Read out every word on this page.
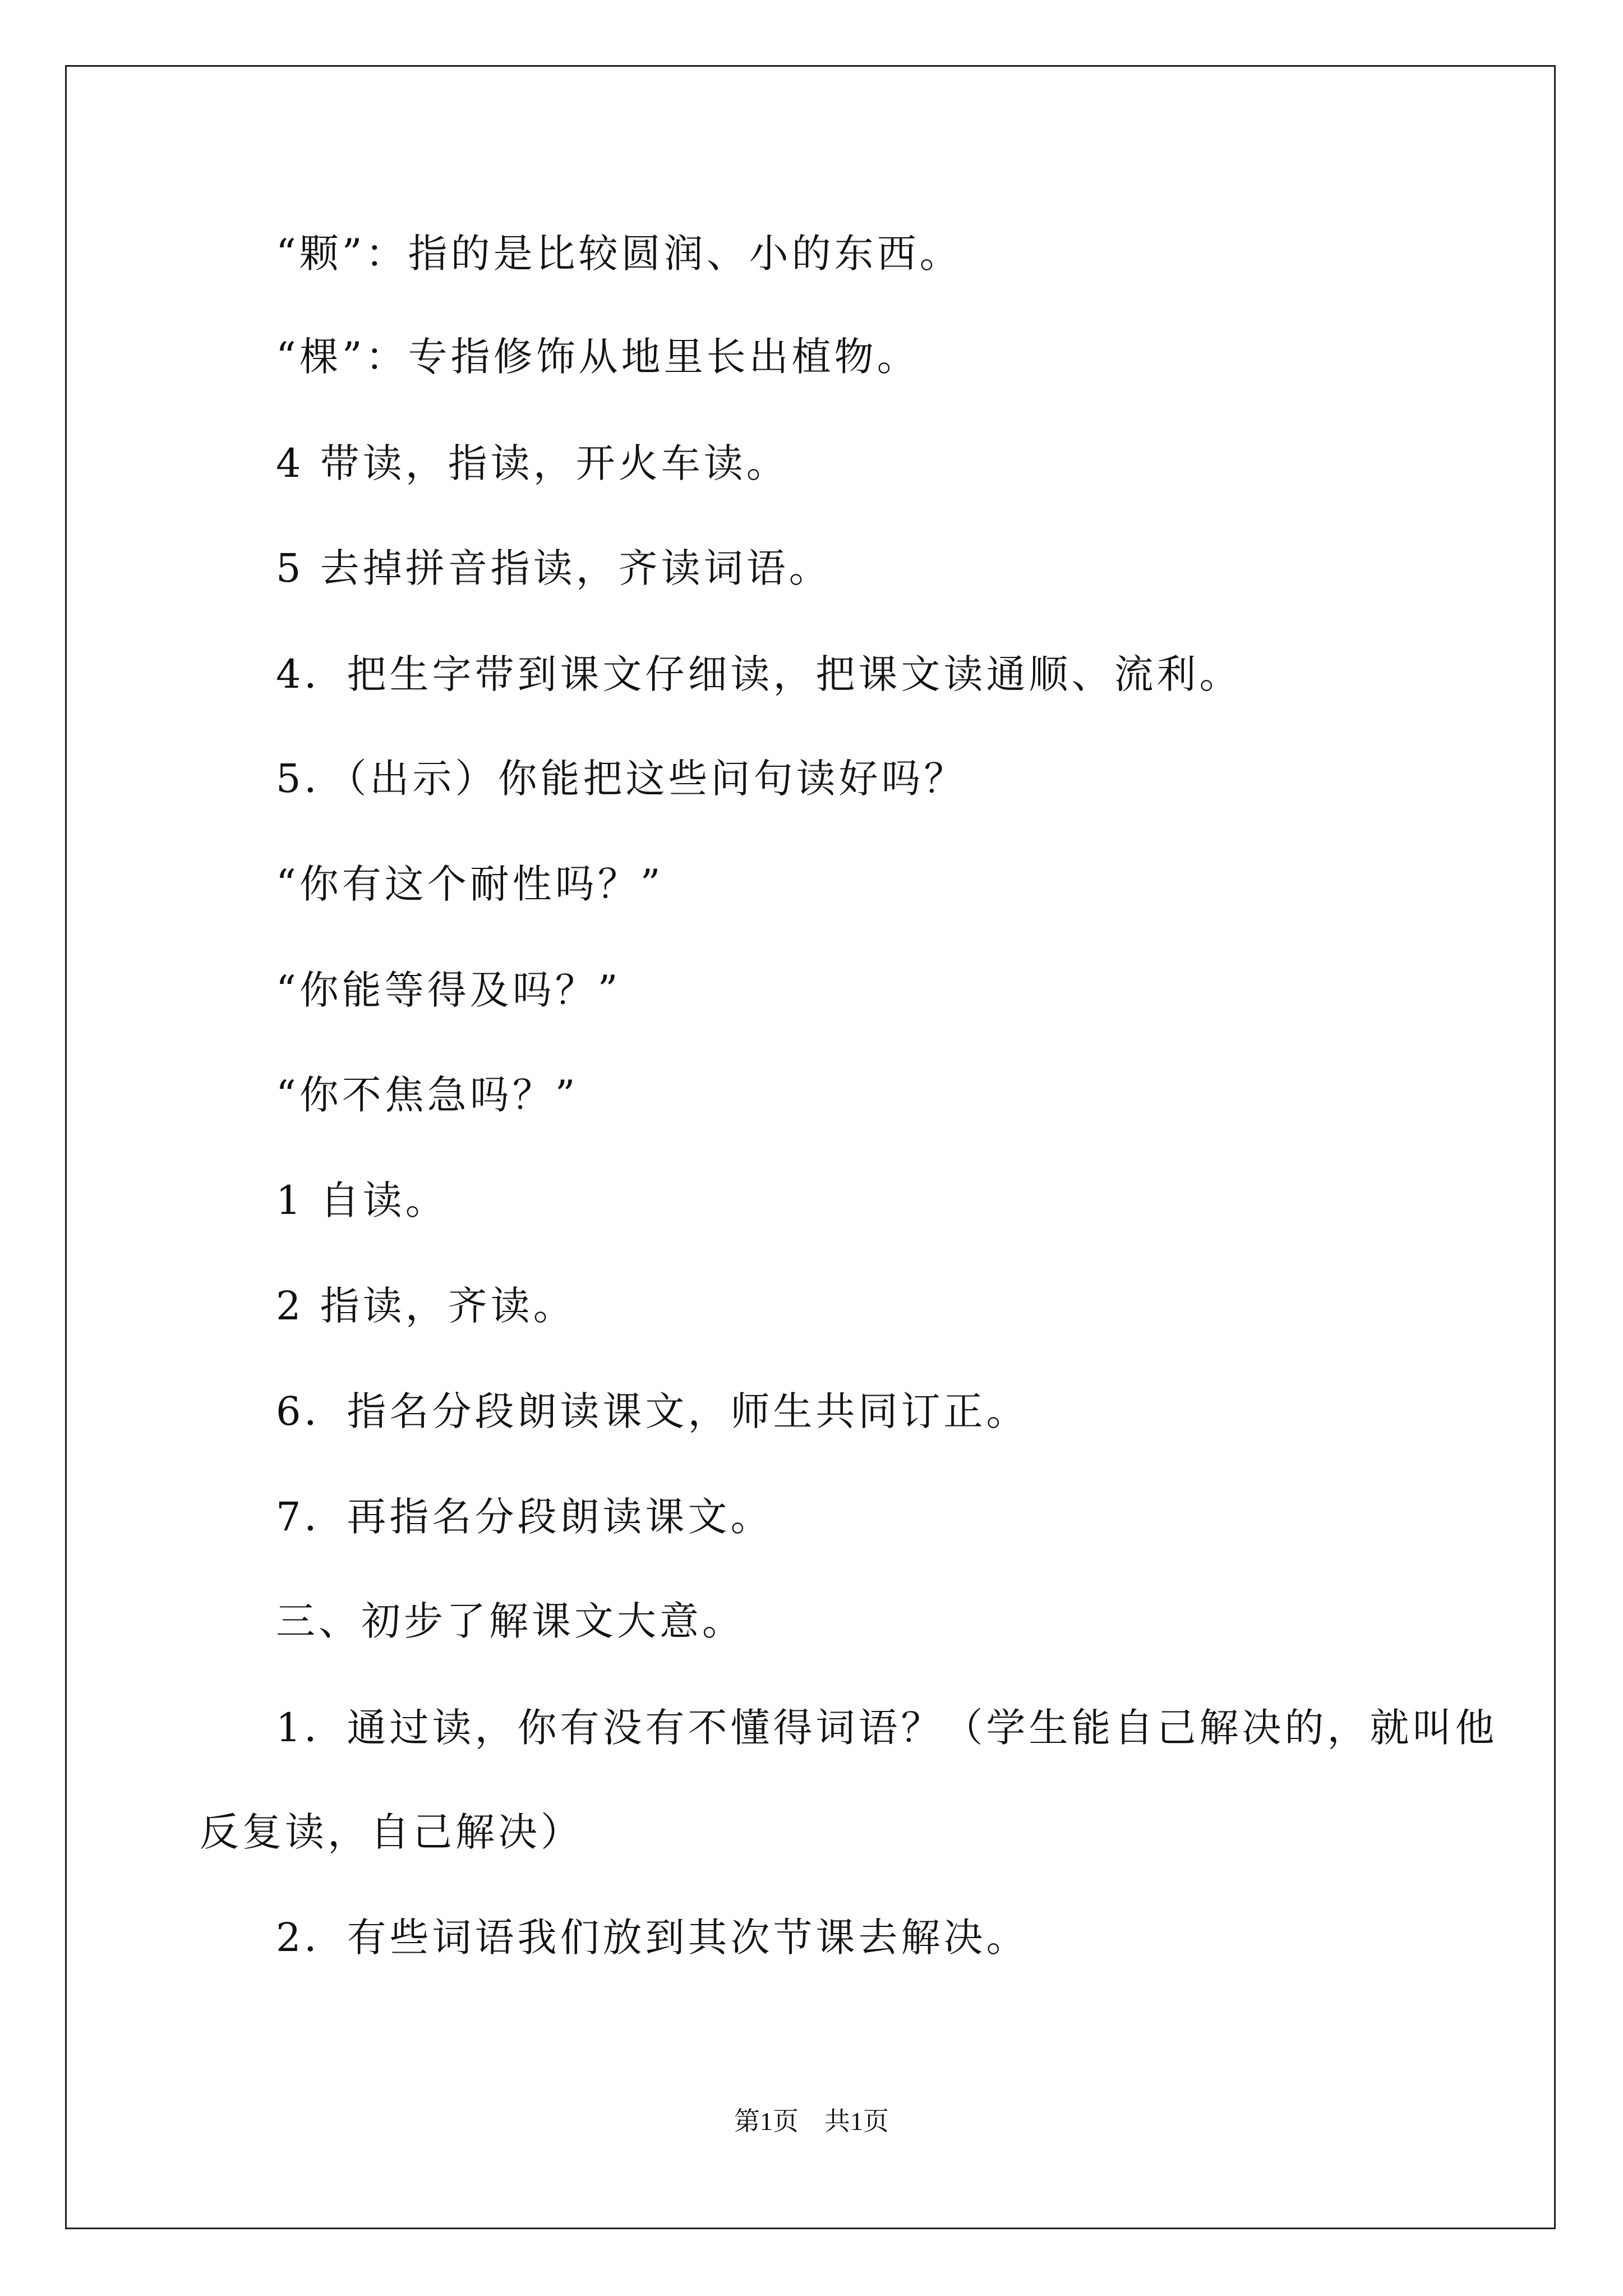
“颗”：指的是比较圆润、小的东西。
“棵”：专指修饰从地里长出植物。
4 带读，指读，开火车读。
5 去掉拼音指读，齐读词语。
4．把生字带到课文仔细读，把课文读通顺、流利。
5．（出示）你能把这些问句读好吗？
“你有这个耐性吗？”
“你能等得及吗？”
“你不焦急吗？”
1 自读。
2 指读，齐读。
6．指名分段朗读课文，师生共同订正。
7．再指名分段朗读课文。
三、初步了解课文大意。
1．通过读，你有没有不懂得词语？（学生能自己解决的，就叫他
反复读，自己解决）
2．有些词语我们放到其次节课去解决。
第1页　共1页
